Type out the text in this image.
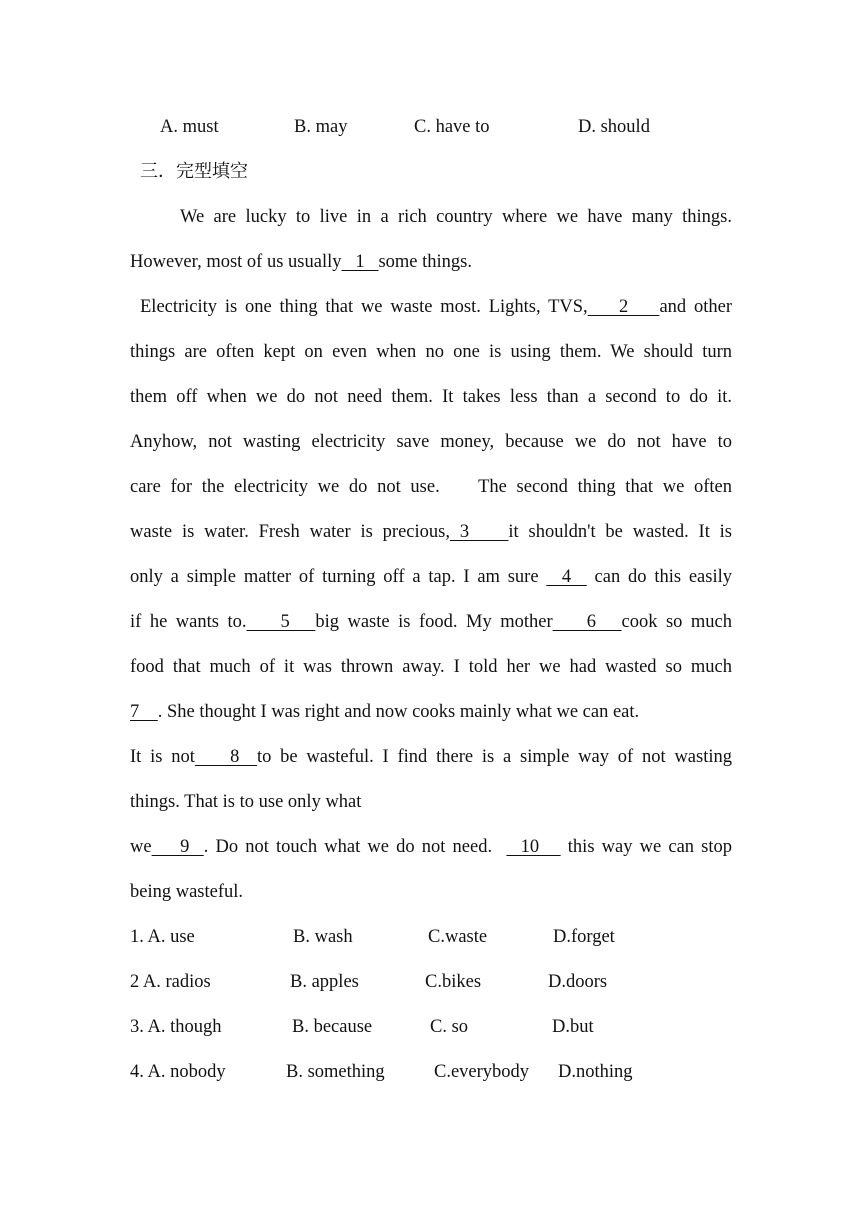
A. must	B. may	C. have to	D. should
三．完型填空
We are lucky to live in a rich country where we have many things.
However, most of us usually   1   some things.
Electricity is one thing that we waste most. Lights, TVS,    2    and other
things are often kept on even when no one is using them. We should turn
them off when we do not need them. It takes less than a second to do it.
Anyhow, not wasting electricity save money, because we do not have to
care for the electricity we do not use.    The second thing that we often
waste is water. Fresh water is precious, 3    it shouldn't be wasted. It is
only a simple matter of turning off a tap. I am sure   4   can do this easily
if he wants to.    5   big waste is food. My mother    6   cook so much
food that much of it was thrown away. I told her we had wasted so much
7    . She thought I was right and now cooks mainly what we can eat.
It is not    8  to be wasteful. I find there is a simple way of not wasting
things. That is to use only what
we    9  . Do not touch what we do not need.    10    this way we can stop
being wasteful.
1. A. use	B. wash	C.waste	D.forget
2 A. radios	B. apples	C.bikes	D.doors
3. A. though	B. because	C. so	D.but
4. A. nobody	B. something	C.everybody D.nothing
